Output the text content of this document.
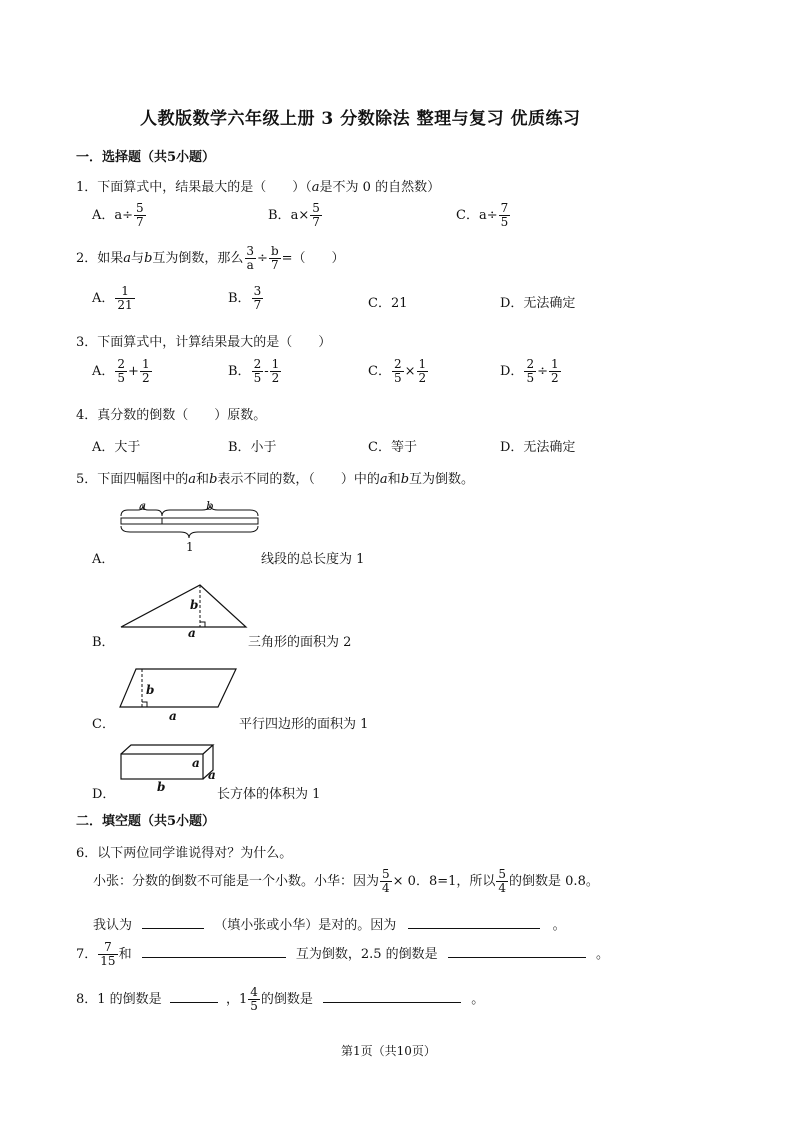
人教版数学六年级上册 3 分数除法 整理与复习 优质练习
一．选择题（共5小题）
1．下面算式中，结果最大的是（　　）（a是不为 0 的自然数）
A．$a\div \frac{5}{7}$	B．$a\times \frac{5}{7}$	C．$a\div \frac{7}{5}$
2．如果a与b互为倒数，那么 $\frac{3}{a} \div \frac{b}{7}$ =（　　）
A． $\frac{1}{21}$	B． $\frac{3}{7}$	C．21	D．无法确定
3．下面算式中，计算结果最大的是（　　）
A． $\frac{2}{5} + \frac{1}{2}$	B． $\frac{2}{5} - \frac{1}{2}$	C． $\frac{2}{5} \times \frac{1}{2}$	D． $\frac{2}{5} \div \frac{1}{2}$
4．真分数的倒数（　　）原数。
A．大于	B．小于	C．等于	D．无法确定
5．下面四幅图中的a和b表示不同的数，（　　）中的a和b互为倒数。
A．
a	b
1
线段的总长度为 1
B．
b
a
三角形的面积为 2
C．
b
a
平行四边形的面积为 1
D．
a
a
b	长方体的体积为 1
二．填空题（共5小题）
6．以下两位同学谁说得对？为什么。
小张：分数的倒数不可能是一个小数。小华：因为 $\frac{5}{4} \times 0$．8=1，所以 $\frac{5}{4}$ 的倒数是 0.8。
我认为	（填小张或小华）是对的。因为	。
7． $\frac{7}{15}$ 和	互为倒数，2.5 的倒数是	。
8．1 的倒数是	，$1 \frac{4}{5}$ 的倒数是	。
第1页（共10页）
